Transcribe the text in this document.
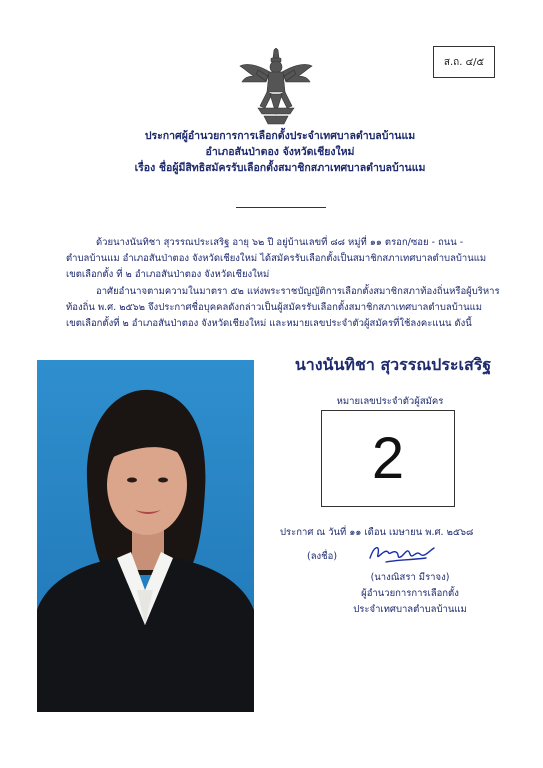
ส.ถ. ๔/๕
ประกาศผู้อำนวยการการเลือกตั้งประจำเทศบาลตำบลบ้านแม
อำเภอสันป่าตอง จังหวัดเชียงใหม่
เรื่อง ชื่อผู้มีสิทธิสมัครรับเลือกตั้งสมาชิกสภาเทศบาลตำบลบ้านแม
ด้วยนางนันทิชา สุวรรณประเสริฐ อายุ ๖๒ ปี อยู่บ้านเลขที่ ๘๘ หมู่ที่ ๑๑ ตรอก/ซอย - ถนน -
ตำบลบ้านแม อำเภอสันป่าตอง จังหวัดเชียงใหม่ ได้สมัครรับเลือกตั้งเป็นสมาชิกสภาเทศบาลตำบลบ้านแม
เขตเลือกตั้ง ที่ ๒ อำเภอสันป่าตอง จังหวัดเชียงใหม่
อาศัยอำนาจตามความในมาตรา ๕๒ แห่งพระราชบัญญัติการเลือกตั้งสมาชิกสภาท้องถิ่นหรือผู้บริหาร
ท้องถิ่น พ.ศ. ๒๕๖๒ จึงประกาศชื่อบุคคลดังกล่าวเป็นผู้สมัครรับเลือกตั้งสมาชิกสภาเทศบาลตำบลบ้านแม
เขตเลือกตั้งที่ ๒ อำเภอสันป่าตอง จังหวัดเชียงใหม่ และหมายเลขประจำตัวผู้สมัครที่ใช้ลงคะแนน ดังนี้
นางนันทิชา สุวรรณประเสริฐ
หมายเลขประจำตัวผู้สมัคร
2
ประกาศ ณ วันที่ ๑๑ เดือน เมษายน พ.ศ. ๒๕๖๘
(ลงชื่อ)
(นางณิสรา มีราจง)
ผู้อำนวยการการเลือกตั้ง
ประจำเทศบาลตำบลบ้านแม
